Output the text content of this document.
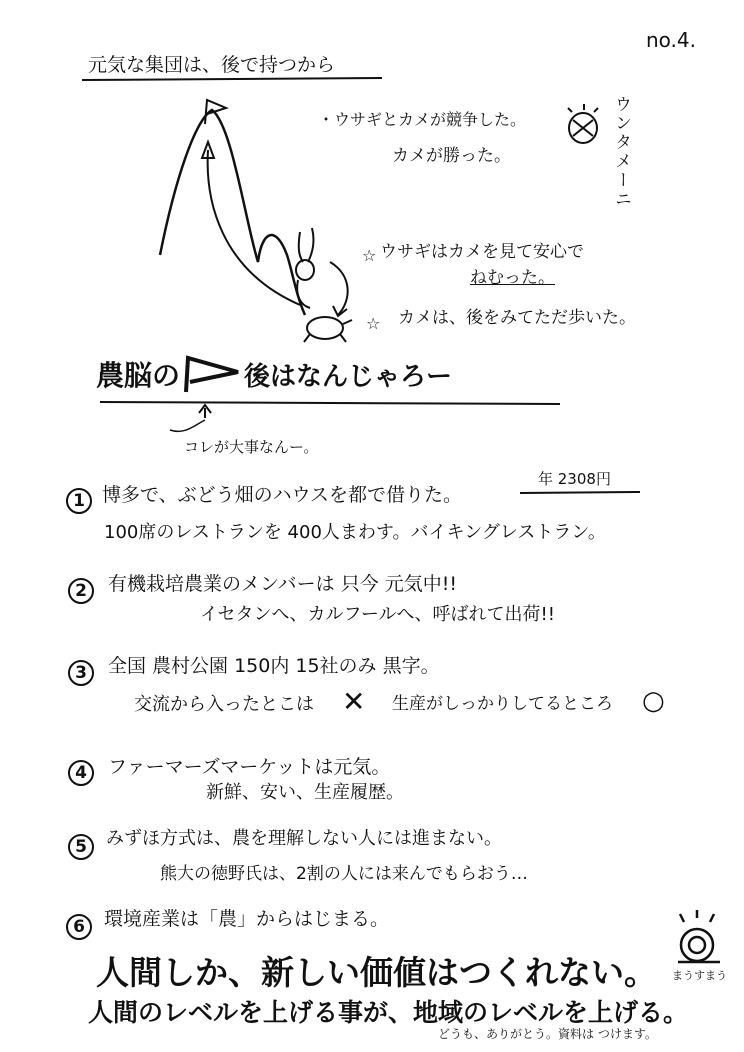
no.4.
元気な集団は、後で持つから
・ウサギとカメが競争した。
カメが勝った。	ウンタメーニ
☆ ウサギはカメを見て安心で
ねむった。
☆ カメは、後をみてただ歩いた。
農脳の 後はなんじゃろー
コレが大事なんー。
1 博多で、ぶどう畑のハウスを都で借りた。
年 2308円
100席のレストランを 400人まわす。バイキングレストラン。
2	有機栽培農業のメンバーは 只今 元気中!!
イセタンへ、カルフールへ、呼ばれて出荷!!
3	全国 農村公園 150内 15社のみ 黒字。
交流から入ったとこは ✕ 生産がしっかりしてるところ ○
4	ファーマーズマーケットは元気。
新鮮、安い、生産履歴。
5	みずほ方式は、農を理解しない人には進まない。
熊大の徳野氏は、2割の人には来んでもらおう…
6	環境産業は「農」からはじまる。
人間しか、新しい価値はつくれない。
人間のレベルを上げる事が、地域のレベルを上げる。
どうも、ありがとう。資料は つけます。
まうすまう
